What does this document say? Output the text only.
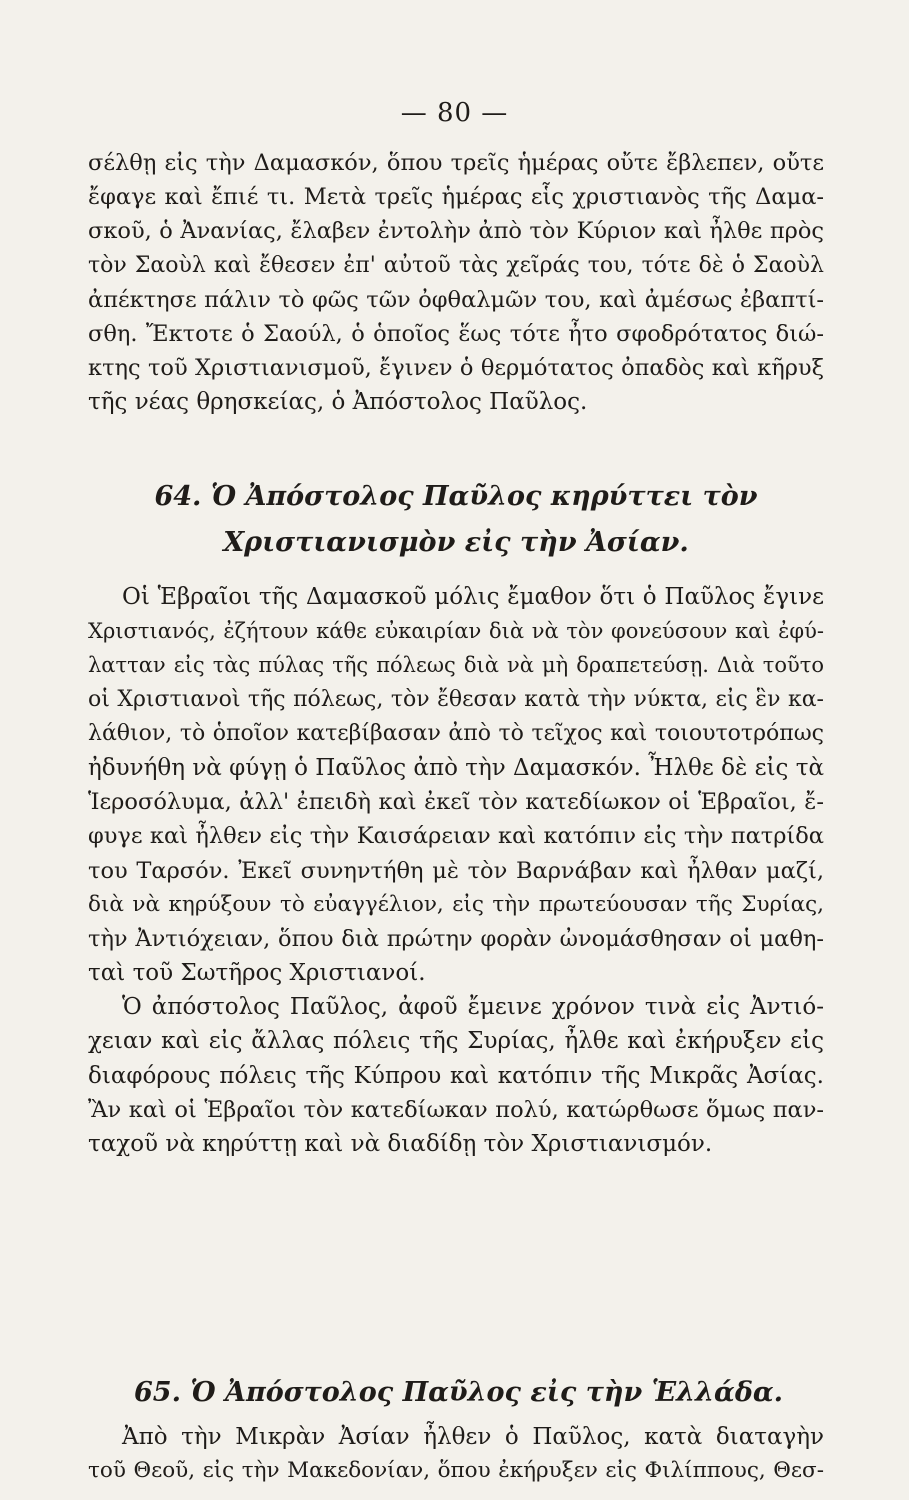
— 80 —
σέλθῃ εἰς τὴν Δαμασκόν, ὅπου τρεῖς ἡμέρας οὔτε ἔβλεπεν, οὔτε
ἔφαγε καὶ ἔπιέ τι. Μετὰ τρεῖς ἡμέρας εἷς χριστιανὸς τῆς Δαμα-
σκοῦ, ὁ Ἀνανίας, ἔλαβεν ἐντολὴν ἀπὸ τὸν Κύριον καὶ ἦλθε πρὸς
τὸν Σαοὺλ καὶ ἔθεσεν ἐπ' αὐτοῦ τὰς χεῖράς του, τότε δὲ ὁ Σαοὺλ
ἀπέκτησε πάλιν τὸ φῶς τῶν ὀφθαλμῶν του, καὶ ἀμέσως ἐβαπτί-
σθη. Ἔκτοτε ὁ Σαούλ, ὁ ὁποῖος ἕως τότε ἦτο σφοδρότατος διώ-
κτης τοῦ Χριστιανισμοῦ, ἔγινεν ὁ θερμότατος ὀπαδὸς καὶ κῆρυξ
τῆς νέας θρησκείας, ὁ Ἀπόστολος Παῦλος.
64. Ὁ Ἀπόστολος Παῦλος κηρύττει τὸν
Χριστιανισμὸν εἰς τὴν Ἀσίαν.
Οἱ Ἑβραῖοι τῆς Δαμασκοῦ μόλις ἔμαθον ὅτι ὁ Παῦλος ἔγινε
Χριστιανός, ἐζήτουν κάθε εὐκαιρίαν διὰ νὰ τὸν φονεύσουν καὶ ἐφύ-
λατταν εἰς τὰς πύλας τῆς πόλεως διὰ νὰ μὴ δραπετεύσῃ. Διὰ τοῦτο
οἱ Χριστιανοὶ τῆς πόλεως, τὸν ἔθεσαν κατὰ τὴν νύκτα, εἰς ἓν κα-
λάθιον, τὸ ὁποῖον κατεβίβασαν ἀπὸ τὸ τεῖχος καὶ τοιουτοτρόπως
ἠδυνήθη νὰ φύγῃ ὁ Παῦλος ἀπὸ τὴν Δαμασκόν. Ἦλθε δὲ εἰς τὰ
Ἱεροσόλυμα, ἀλλ' ἐπειδὴ καὶ ἐκεῖ τὸν κατεδίωκον οἱ Ἑβραῖοι, ἔ-
φυγε καὶ ἦλθεν εἰς τὴν Καισάρειαν καὶ κατόπιν εἰς τὴν πατρίδα
του Ταρσόν. Ἐκεῖ συνηντήθη μὲ τὸν Βαρνάβαν καὶ ἦλθαν μαζί,
διὰ νὰ κηρύξουν τὸ εὐαγγέλιον, εἰς τὴν πρωτεύουσαν τῆς Συρίας,
τὴν Ἀντιόχειαν, ὅπου διὰ πρώτην φορὰν ὠνομάσθησαν οἱ μαθη-
ταὶ τοῦ Σωτῆρος Χριστιανοί.
Ὁ ἀπόστολος Παῦλος, ἀφοῦ ἔμεινε χρόνον τινὰ εἰς Ἀντιό-
χειαν καὶ εἰς ἄλλας πόλεις τῆς Συρίας, ἦλθε καὶ ἐκήρυξεν εἰς
διαφόρους πόλεις τῆς Κύπρου καὶ κατόπιν τῆς Μικρᾶς Ἀσίας.
Ἂν καὶ οἱ Ἑβραῖοι τὸν κατεδίωκαν πολύ, κατώρθωσε ὅμως παν-
ταχοῦ νὰ κηρύττῃ καὶ νὰ διαδίδῃ τὸν Χριστιανισμόν.
65. Ὁ Ἀπόστολος Παῦλος εἰς τὴν Ἑλλάδα.
Ἀπὸ τὴν Μικρὰν Ἀσίαν ἦλθεν ὁ Παῦλος, κατὰ διαταγὴν
τοῦ Θεοῦ, εἰς τὴν Μακεδονίαν, ὅπου ἐκήρυξεν εἰς Φιλίππους, Θεσ-
